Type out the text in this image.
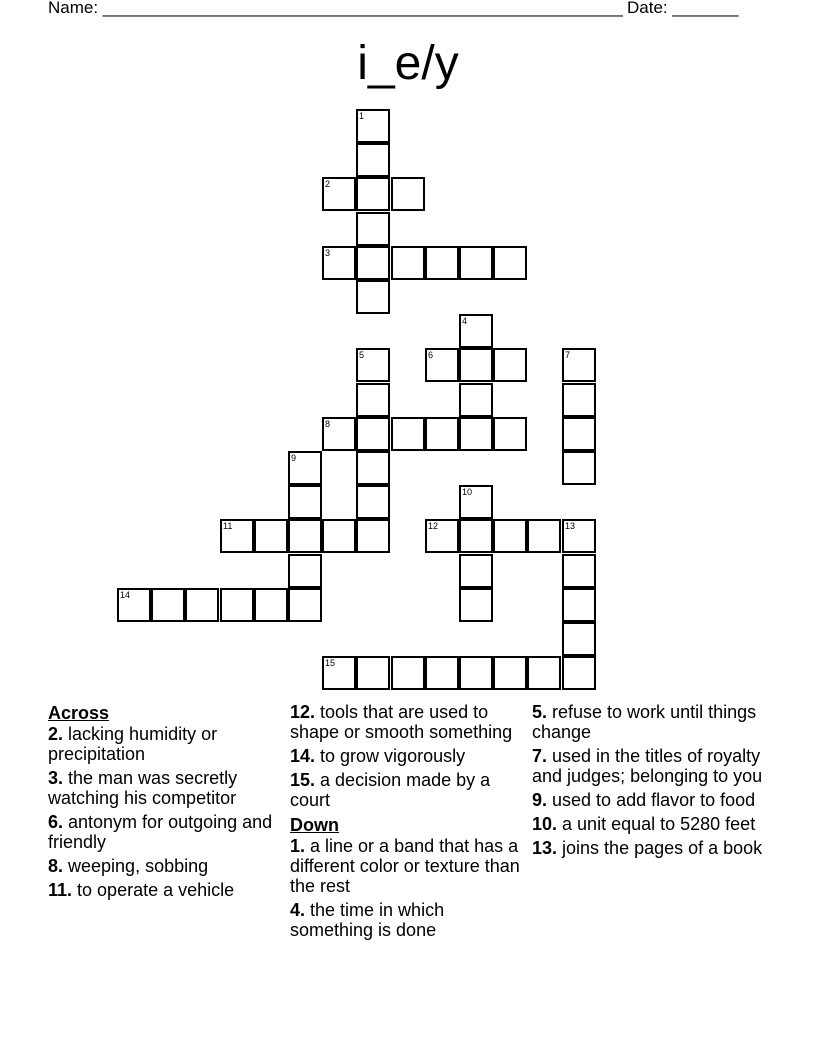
Name: _______________________________________________________ Date: _______
i_e/y
1
2
3
4
5	6	7
8
9
10
11	12	13
14
15
Across
2. lacking humidity or precipitation
3. the man was secretly watching his competitor
6. antonym for outgoing and friendly
8. weeping, sobbing
11. to operate a vehicle
12. tools that are used to shape or smooth something
14. to grow vigorously
15. a decision made by a court
Down
1. a line or a band that has a different color or texture than the rest
4. the time in which something is done
5. refuse to work until things change
7. used in the titles of royalty and judges; belonging to you
9. used to add flavor to food
10. a unit equal to 5280 feet
13. joins the pages of a book
